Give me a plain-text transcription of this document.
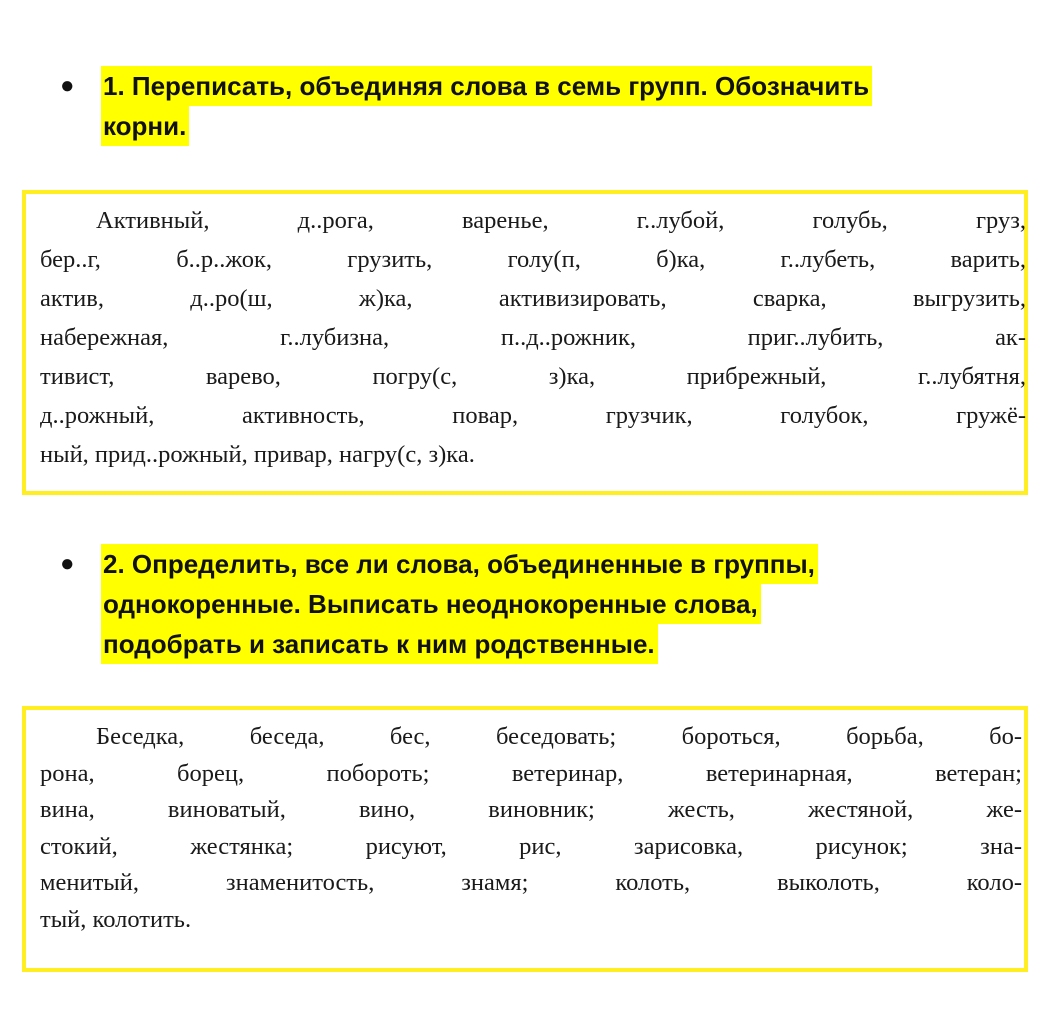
●	1. Переписать, объединяя слова в семь групп. Обозначить
корни.
Активный, д..рога, варенье, г..лубой, голубь, груз,
бер..г, б..р..жок, грузить, голу(п, б)ка, г..лубеть, варить,
актив, д..ро(ш, ж)ка, активизировать, сварка, выгрузить,
набережная, г..лубизна, п..д..рожник, приг..лубить, ак-
тивист, варево, погру(с, з)ка, прибрежный, г..лубятня,
д..рожный, активность, повар, грузчик, голубок, гружё-
ный, прид..рожный, привар, нагру(с, з)ка.
●	2. Определить, все ли слова, объединенные в группы,
однокоренные. Выписать неоднокоренные слова,
подобрать и записать к ним родственные.
Беседка, беседа, бес, беседовать; бороться, борьба, бо-
рона, борец, побороть; ветеринар, ветеринарная, ветеран;
вина, виноватый, вино, виновник; жесть, жестяной, же-
стокий, жестянка; рисуют, рис, зарисовка, рисунок; зна-
менитый, знаменитость, знамя; колоть, выколоть, коло-
тый, колотить.
